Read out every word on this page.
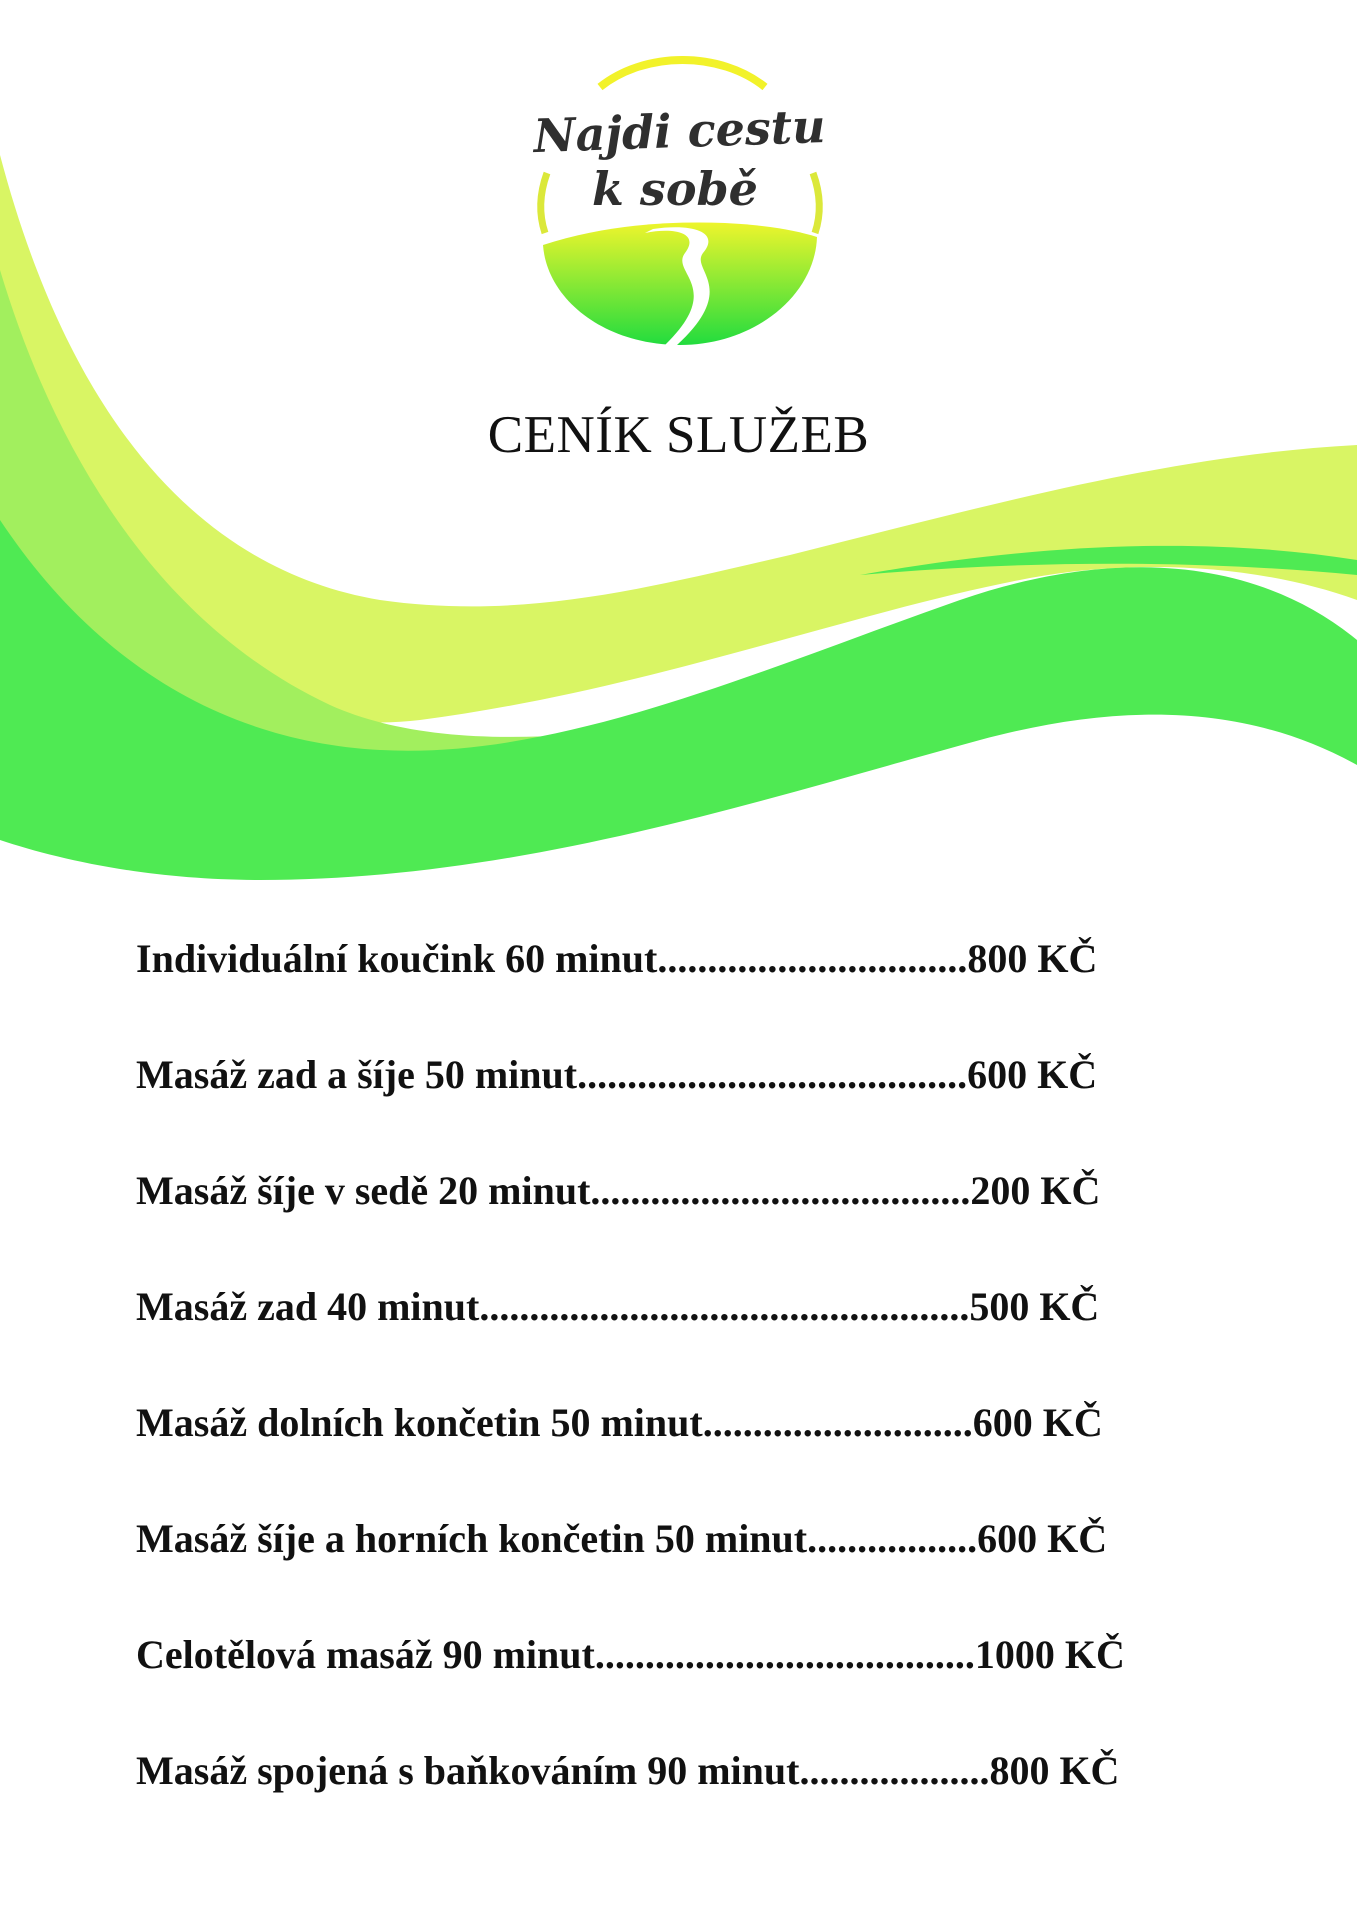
Najdi cestu
k sobě
CENÍK SLUŽEB
Individuální koučink 60 minut...............................800 KČ
Masáž zad a šíje 50 minut.......................................600 KČ
Masáž šíje v sedě 20 minut......................................200 KČ
Masáž zad 40 minut.................................................500 KČ
Masáž dolních končetin 50 minut...........................600 KČ
Masáž šíje a horních končetin 50 minut.................600 KČ
Celotělová masáž 90 minut......................................1000 KČ
Masáž spojená s baňkováním 90 minut...................800 KČ
